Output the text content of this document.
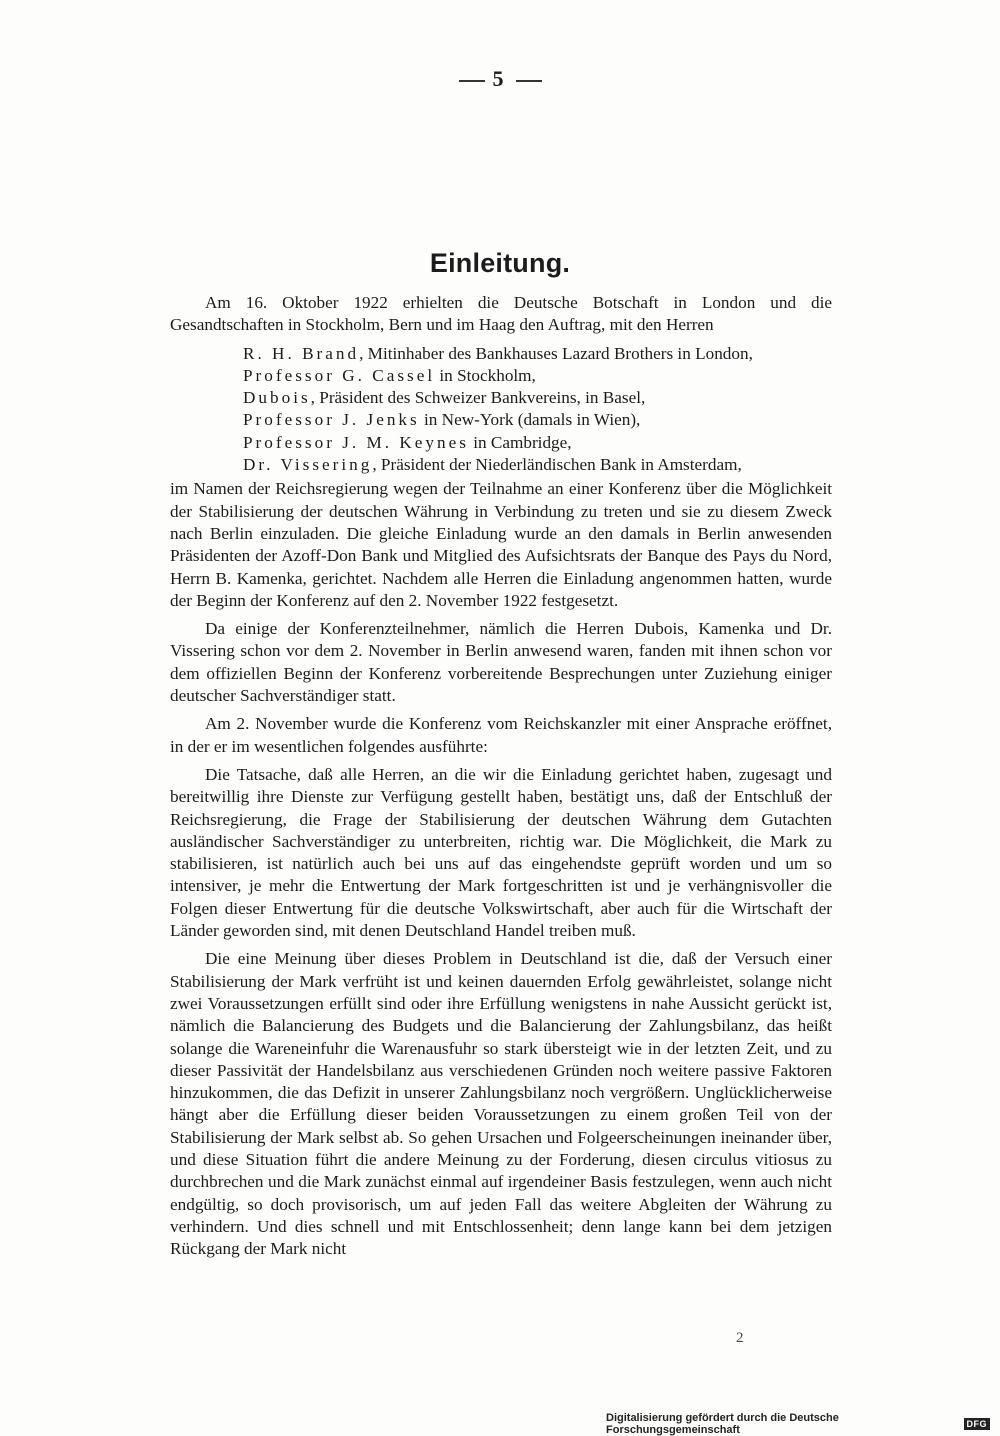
5
Einleitung.

Am 16. Oktober 1922 erhielten die Deutsche Botschaft in London und die Gesandtschaften in Stockholm, Bern und im Haag den Auftrag, mit den Herren

R. H. Brand, Mitinhaber des Bankhauses Lazard Brothers in London,
Professor G. Cassel in Stockholm,
Dubois, Präsident des Schweizer Bankvereins, in Basel,
Professor J. Jenks in New-York (damals in Wien),
Professor J. M. Keynes in Cambridge,
Dr. Vissering, Präsident der Niederländischen Bank in Amsterdam,

im Namen der Reichsregierung wegen der Teilnahme an einer Konferenz über die Möglichkeit der Stabilisierung der deutschen Währung in Verbindung zu treten und sie zu diesem Zweck nach Berlin einzuladen. Die gleiche Einladung wurde an den damals in Berlin anwesenden Präsidenten der Azoff-Don Bank und Mitglied des Aufsichtsrats der Banque des Pays du Nord, Herrn B. Kamenka, gerichtet. Nachdem alle Herren die Einladung angenommen hatten, wurde der Beginn der Konferenz auf den 2. November 1922 festgesetzt.

Da einige der Konferenzteilnehmer, nämlich die Herren Dubois, Kamenka und Dr. Vissering schon vor dem 2. November in Berlin anwesend waren, fanden mit ihnen schon vor dem offiziellen Beginn der Konferenz vorbereitende Besprechungen unter Zuziehung einiger deutscher Sachverständiger statt.

Am 2. November wurde die Konferenz vom Reichskanzler mit einer Ansprache eröffnet, in der er im wesentlichen folgendes ausführte:

Die Tatsache, daß alle Herren, an die wir die Einladung gerichtet haben, zugesagt und bereitwillig ihre Dienste zur Verfügung gestellt haben, bestätigt uns, daß der Entschluß der Reichsregierung, die Frage der Stabilisierung der deutschen Währung dem Gutachten ausländischer Sachverständiger zu unterbreiten, richtig war. Die Möglichkeit, die Mark zu stabilisieren, ist natürlich auch bei uns auf das eingehendste geprüft worden und um so intensiver, je mehr die Entwertung der Mark fortgeschritten ist und je verhängnisvoller die Folgen dieser Entwertung für die deutsche Volkswirtschaft, aber auch für die Wirtschaft der Länder geworden sind, mit denen Deutschland Handel treiben muß.

Die eine Meinung über dieses Problem in Deutschland ist die, daß der Versuch einer Stabilisierung der Mark verfrüht ist und keinen dauernden Erfolg gewährleistet, solange nicht zwei Voraussetzungen erfüllt sind oder ihre Erfüllung wenigstens in nahe Aussicht gerückt ist, nämlich die Balancierung des Budgets und die Balancierung der Zahlungsbilanz, das heißt solange die Wareneinfuhr die Warenausfuhr so stark übersteigt wie in der letzten Zeit, und zu dieser Passivität der Handelsbilanz aus verschiedenen Gründen noch weitere passive Faktoren hinzukommen, die das Defizit in unserer Zahlungsbilanz noch vergrößern. Unglücklicherweise hängt aber die Erfüllung dieser beiden Voraussetzungen zu einem großen Teil von der Stabilisierung der Mark selbst ab. So gehen Ursachen und Folgeerscheinungen ineinander über, und diese Situation führt die andere Meinung zu der Forderung, diesen circulus vitiosus zu durchbrechen und die Mark zunächst einmal auf irgendeiner Basis festzulegen, wenn auch nicht endgültig, so doch provisorisch, um auf jeden Fall das weitere Abgleiten der Währung zu verhindern. Und dies schnell und mit Entschlossenheit; denn lange kann bei dem jetzigen Rückgang der Mark nicht

2
Digitalisierung gefördert durch die Deutsche Forschungsgemeinschaft	DFG
